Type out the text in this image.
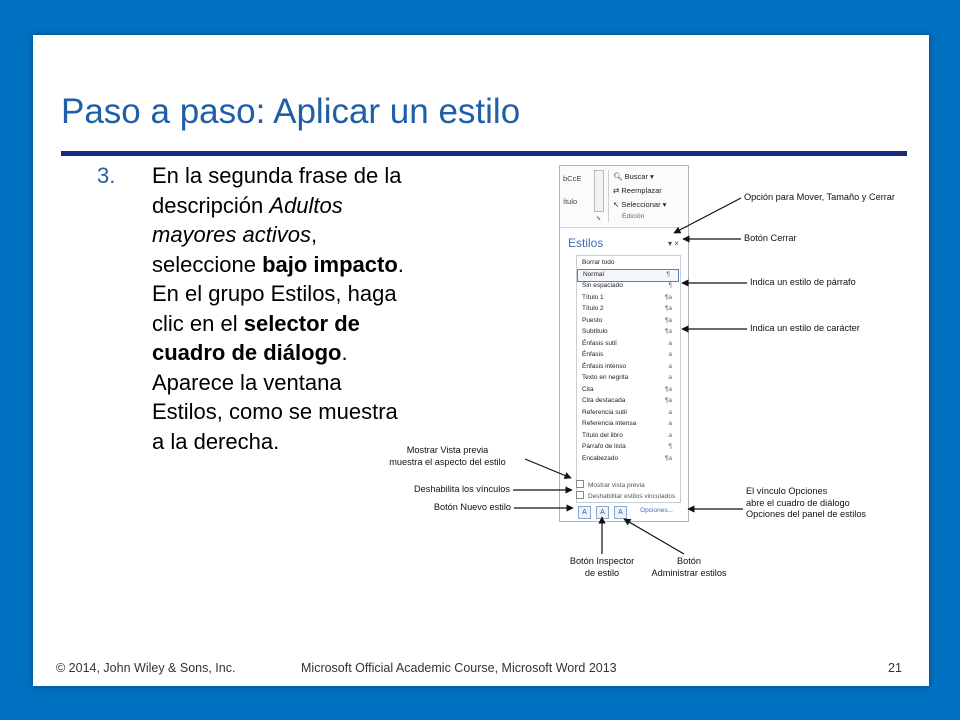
Paso a paso: Aplicar un estilo
3. En la segunda frase de la descripción Adultos mayores activos, seleccione bajo impacto. En el grupo Estilos, haga clic en el selector de cuadro de diálogo. Aparece la ventana Estilos, como se muestra a la derecha.
bCcE
ítulo
⬊
🔍︎ Buscar ▾
⇄ Reemplazar
↖ Seleccionar ▾
Edición
Estilos	▾ ×
Borrar todo
Normal	¶
Sin espaciado	¶
Título 1	¶a
Título 2	¶a
Puesto	¶a
Subtítulo	¶a
Énfasis sutil	a
Énfasis	a
Énfasis intenso	a
Texto en negrita	a
Cita	¶a
Cita destacada	¶a
Referencia sutil	a
Referencia intensa	a
Título del libro	a
Párrafo de lista	¶
Encabezado	¶a
Mostrar vista previa
Deshabilitar estilos vinculados
A	A	A	Opciones...
Opción para Mover, Tamaño y Cerrar
Botón Cerrar
Indica un estilo de párrafo
Indica un estilo de carácter
Mostrar Vista previa
muestra el aspecto del estilo
Deshabilita los vínculos
Botón Nuevo estilo
El vínculo Opciones
abre el cuadro de diálogo
Opciones del panel de estilos
Botón Inspector
de estilo
Botón
Administrar estilos
© 2014, John Wiley & Sons, Inc.	Microsoft Official Academic Course, Microsoft Word 2013	21
